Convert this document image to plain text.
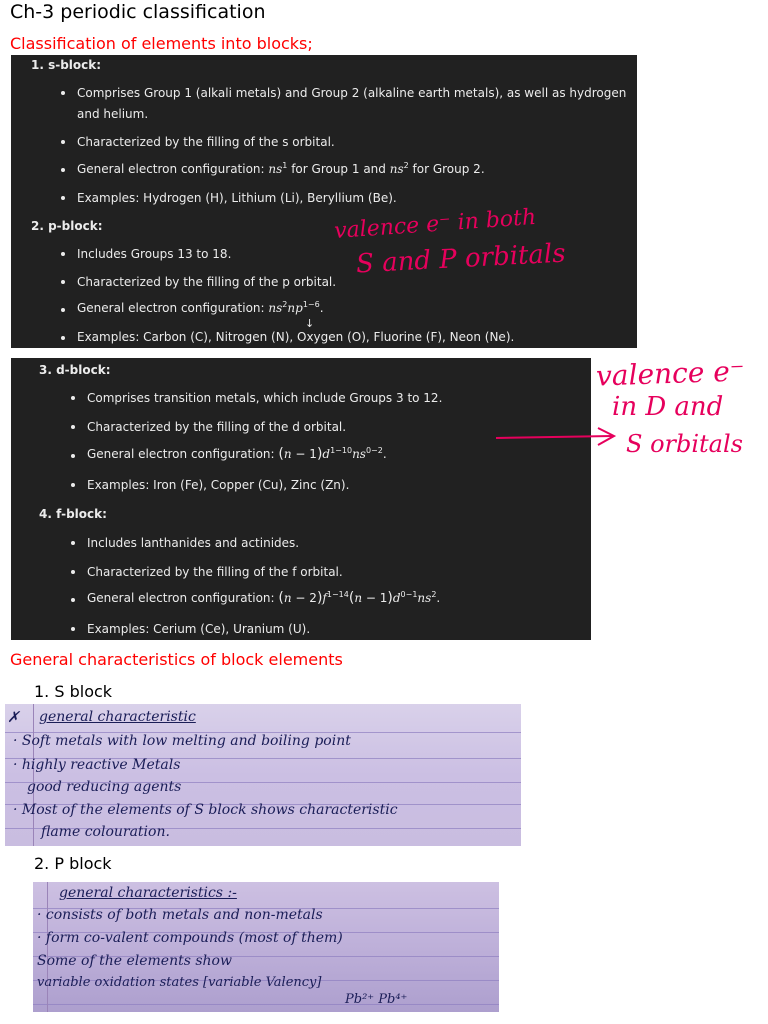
Ch-3 periodic classification
Classification of elements into blocks;
1. s-block:
Comprises Group 1 (alkali metals) and Group 2 (alkaline earth metals), as well as hydrogen
and helium.
Characterized by the filling of the s orbital.
General electron configuration: $ns^1$ for Group 1 and $ns^2$ for Group 2.
Examples: Hydrogen (H), Lithium (Li), Beryllium (Be).
2. p-block:
Includes Groups 13 to 18.
Characterized by the filling of the p orbital.
General electron configuration: $ns^2np^{1-6}$.
↓
Examples: Carbon (C), Nitrogen (N), Oxygen (O), Fluorine (F), Neon (Ne).
valence e⁻ in both
S and P orbitals
3. d-block:
Comprises transition metals, which include Groups 3 to 12.
Characterized by the filling of the d orbital.
General electron configuration: $(n - 1)d^{1-10}ns^{0-2}$.
Examples: Iron (Fe), Copper (Cu), Zinc (Zn).
4. f-block:
Includes lanthanides and actinides.
Characterized by the filling of the f orbital.
General electron configuration: $(n - 2)f^{1-14}(n - 1)d^{0-1}ns^2$.
Examples: Cerium (Ce), Uranium (U).
valence e⁻
in D and
S orbitals
General characteristics of block elements
1. S block
✗ general characteristic
· Soft metals with low melting and boiling point
· highly reactive Metals
good reducing agents
· Most of the elements of S block shows characteristic
flame colouration.
2. P block
general characteristics :-
· consists of both metals and non-metals
· form co-valent compounds (most of them)
Some of the elements show
variable oxidation states [variable Valency]
Pb²⁺ Pb⁴⁺
